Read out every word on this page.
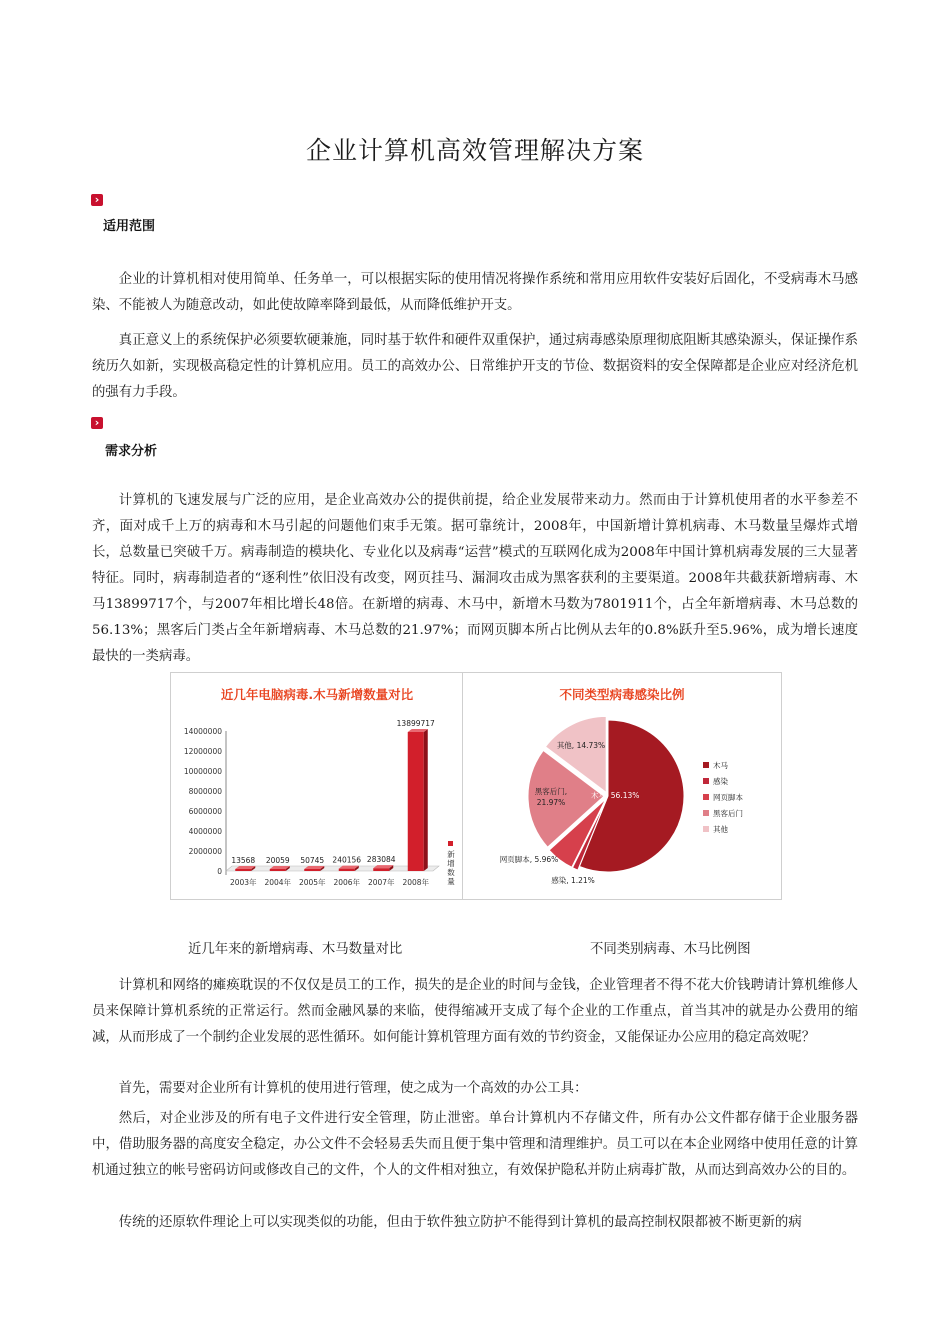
企业计算机高效管理解决方案
›
适用范围

企业的计算机相对使用简单、任务单一，可以根据实际的使用情况将操作系统和常用应用软件安装好后固化，不受病毒木马感染、不能被人为随意改动，如此使故障率降到最低，从而降低维护开支。

真正意义上的系统保护必须要软硬兼施，同时基于软件和硬件双重保护，通过病毒感染原理彻底阻断其感染源头，保证操作系统历久如新，实现极高稳定性的计算机应用。员工的高效办公、日常维护开支的节俭、数据资料的安全保障都是企业应对经济危机的强有力手段。

›
需求分析

计算机的飞速发展与广泛的应用，是企业高效办公的提供前提，给企业发展带来动力。然而由于计算机使用者的水平参差不齐，面对成千上万的病毒和木马引起的问题他们束手无策。据可靠统计，2008年，中国新增计算机病毒、木马数量呈爆炸式增长，总数量已突破千万。病毒制造的模块化、专业化以及病毒“运营”模式的互联网化成为2008年中国计算机病毒发展的三大显著特征。同时，病毒制造者的“逐利性”依旧没有改变，网页挂马、漏洞攻击成为黑客获利的主要渠道。2008年共截获新增病毒、木马13899717个，与2007年相比增长48倍。在新增的病毒、木马中，新增木马数为7801911个，占全年新增病毒、木马总数的56.13%；黑客后门类占全年新增病毒、木马总数的21.97%；而网页脚本所占比例从去年的0.8%跃升至5.96%，成为增长速度最快的一类病毒。

近几年电脑病毒.木马新增数量对比
0
2000000
4000000
6000000
8000000
10000000
12000000
14000000
2003年 2004年 2005年 2006年 2007年 2008年
13568 20059 50745 240156 283084
13899717
新增数量
不同类型病毒感染比例
木马, 56.13%
感染, 1.21%
网页脚本, 5.96%
黑客后门,
21.97%
其他, 14.73%
木马
感染
网页脚本
黑客后门
其他
近几年来的新增病毒、木马数量对比	不同类别病毒、木马比例图

计算机和网络的瘫痪耽误的不仅仅是员工的工作，损失的是企业的时间与金钱，企业管理者不得不花大价钱聘请计算机维修人员来保障计算机系统的正常运行。然而金融风暴的来临，使得缩减开支成了每个企业的工作重点，首当其冲的就是办公费用的缩减，从而形成了一个制约企业发展的恶性循环。如何能计算机管理方面有效的节约资金，又能保证办公应用的稳定高效呢？

首先，需要对企业所有计算机的使用进行管理，使之成为一个高效的办公工具：

然后，对企业涉及的所有电子文件进行安全管理，防止泄密。单台计算机内不存储文件，所有办公文件都存储于企业服务器中，借助服务器的高度安全稳定，办公文件不会轻易丢失而且便于集中管理和清理维护。员工可以在本企业网络中使用任意的计算机通过独立的帐号密码访问或修改自己的文件，个人的文件相对独立，有效保护隐私并防止病毒扩散，从而达到高效办公的目的。

传统的还原软件理论上可以实现类似的功能，但由于软件独立防护不能得到计算机的最高控制权限都被不断更新的病
